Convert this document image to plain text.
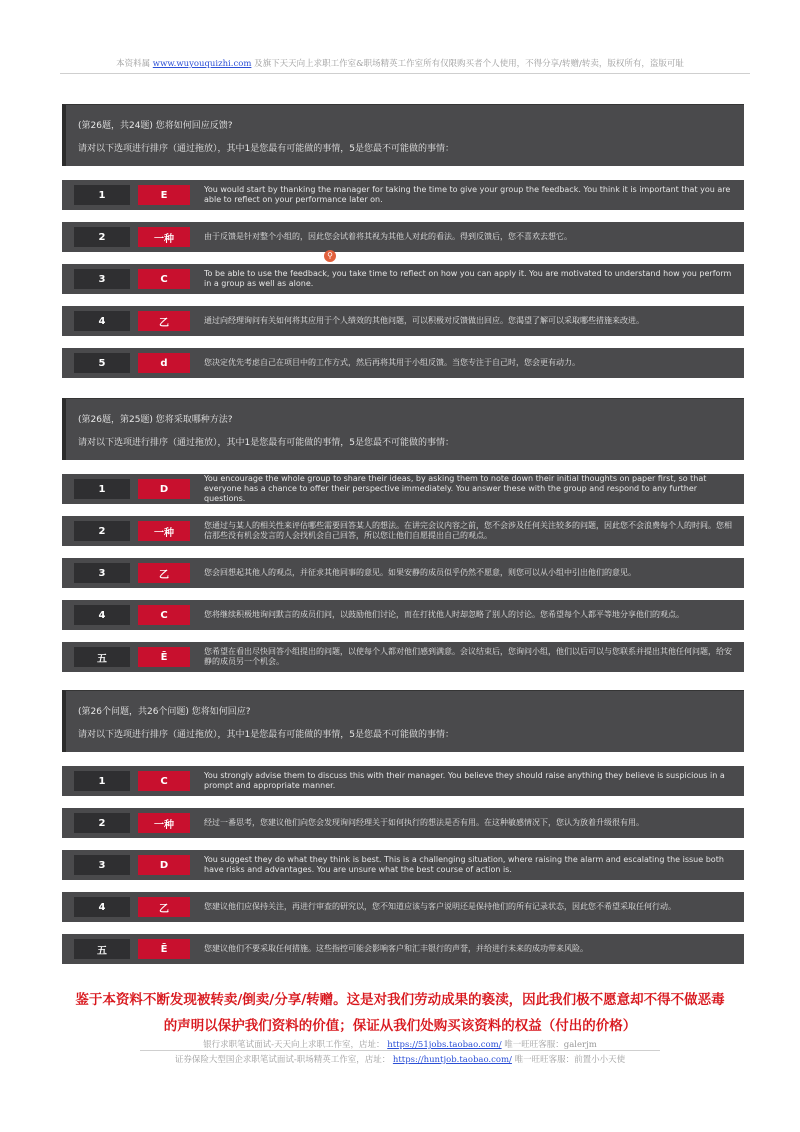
本资料属 www.wuyouquizhi.com 及旗下天天向上求职工作室&职场精英工作室所有仅限购买者个人使用，不得分享/转赠/转卖，版权所有，盗版可耻
(第26题，共24题) 您将如何回应反馈?
请对以下选项进行排序（通过拖放），其中1是您最有可能做的事情，5是您最不可能做的事情：
1	E	You would start by thanking the manager for taking the time to give your group the feedback. You think it is important that you are able to reflect on your performance later on.
2	一种	由于反馈是针对整个小组的，因此您会试着将其视为其他人对此的看法。得到反馈后，您不喜欢去想它。
3	C	To be able to use the feedback, you take time to reflect on how you can apply it. You are motivated to understand how you perform in a group as well as alone.
4	乙	通过向经理询问有关如何将其应用于个人绩效的其他问题，可以积极对反馈做出回应。您渴望了解可以采取哪些措施来改进。
5	d	您决定优先考虑自己在项目中的工作方式，然后再将其用于小组反馈。当您专注于自己时，您会更有动力。
⚲
(第26题，第25题) 您将采取哪种方法?
请对以下选项进行排序（通过拖放），其中1是您最有可能做的事情，5是您最不可能做的事情：
1	D
You encourage the whole group to share their ideas, by asking them to note down their initial thoughts on paper first, so that everyone has a chance to offer their perspective immediately. You answer these with the group and respond to any further questions.
2	一种
您通过与某人的相关性来评估哪些需要回答某人的想法。在讲完会议内容之前，您不会涉及任何关注较多的问题，因此您不会浪费每个人的时间。您相信那些没有机会发言的人会找机会自己回答，所以您让他们自愿提出自己的观点。
3	乙	您会回想起其他人的观点，并征求其他同事的意见。如果安静的成员似乎仍然不愿意，则您可以从小组中引出他们的意见。
4	C	您将继续积极地询问默言的成员们问，以鼓励他们讨论，而在打扰他人时却忽略了别人的讨论。您希望每个人都平等地分享他们的观点。
五	Ē	您希望在看出尽快回答小组提出的问题，以使每个人都对他们感到满意。会议结束后，您询问小组，他们以后可以与您联系并提出其他任何问题，给安静的成员另一个机会。
(第26个问题，共26个问题) 您将如何回应?
请对以下选项进行排序（通过拖放），其中1是您最有可能做的事情，5是您最不可能做的事情：
1	C	You strongly advise them to discuss this with their manager. You believe they should raise anything they believe is suspicious in a prompt and appropriate manner.
2	一种	经过一番思考，您建议他们向您会发现询问经理关于如何执行的想法是否有用。在这种敏感情况下，您认为放着升级很有用。
3	D	You suggest they do what they think is best. This is a challenging situation, where raising the alarm and escalating the issue both have risks and advantages. You are unsure what the best course of action is.
4	乙	您建议他们应保持关注，再进行审查的研究以，您不知道应该与客户说明还是保持他们的所有记录状态，因此您不希望采取任何行动。
五	Ē	您建议他们不要采取任何措施。这些指控可能会影响客户和汇丰银行的声誉，并给进行未来的成功带来风险。
鉴于本资料不断发现被转卖/倒卖/分享/转赠。这是对我们劳动成果的亵渎，因此我们极不愿意却不得不做恶毒
的声明以保护我们资料的价值；保证从我们处购买该资料的权益（付出的价格）
银行求职笔试面试-天天向上求职工作室，店址： https://51jobs.taobao.com/ 唯一旺旺客服：galerjm
证券保险大型国企求职笔试面试-职场精英工作室，店址： https://huntjob.taobao.com/ 唯一旺旺客服：前置小小天使
